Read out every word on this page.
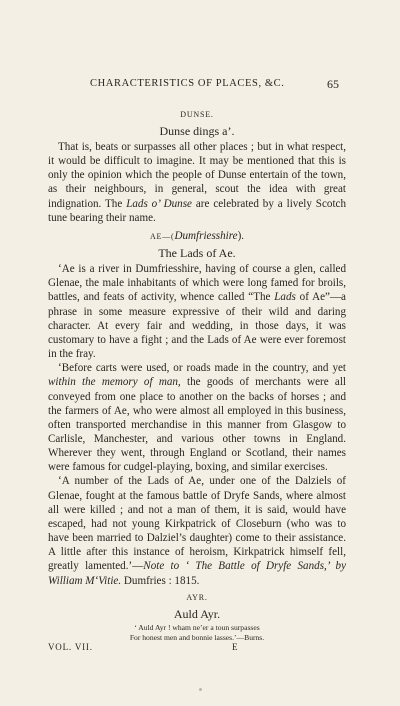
CHARACTERISTICS OF PLACES, &C.	65
DUNSE.
Dunse dings a’.

That is, beats or surpasses all other places ; but in what respect, it would be difficult to imagine. It may be mentioned that this is only the opinion which the people of Dunse entertain of the town, as their neighbours, in general, scout the idea with great indignation. The Lads o’ Dunse are celebrated by a lively Scotch tune bearing their name.

AE—(Dumfriesshire).
The Lads of Ae.

‘Ae is a river in Dumfriesshire, having of course a glen, called Glenae, the male inhabitants of which were long famed for broils, battles, and feats of activity, whence called “The Lads of Ae”—a phrase in some measure expressive of their wild and daring character. At every fair and wedding, in those days, it was customary to have a fight ; and the Lads of Ae were ever foremost in the fray.

‘Before carts were used, or roads made in the country, and yet within the memory of man, the goods of merchants were all conveyed from one place to another on the backs of horses ; and the farmers of Ae, who were almost all employed in this business, often transported merchandise in this manner from Glasgow to Carlisle, Manchester, and various other towns in England. Wherever they went, through England or Scotland, their names were famous for cudgel-playing, boxing, and similar exercises.

‘A number of the Lads of Ae, under one of the Dalziels of Glenae, fought at the famous battle of Dryfe Sands, where almost all were killed ; and not a man of them, it is said, would have escaped, had not young Kirkpatrick of Closeburn (who was to have been married to Dalziel’s daughter) come to their assistance. A little after this instance of heroism, Kirkpatrick himself fell, greatly lamented.’—Note to ‘ The Battle of Dryfe Sands,’ by William M‘Vitie. Dumfries : 1815.

AYR.
Auld Ayr.
‘ Auld Ayr ! wham ne’er a toun surpasses
For honest men and bonnie lasses.’—Burns.
VOL. VII.	E
